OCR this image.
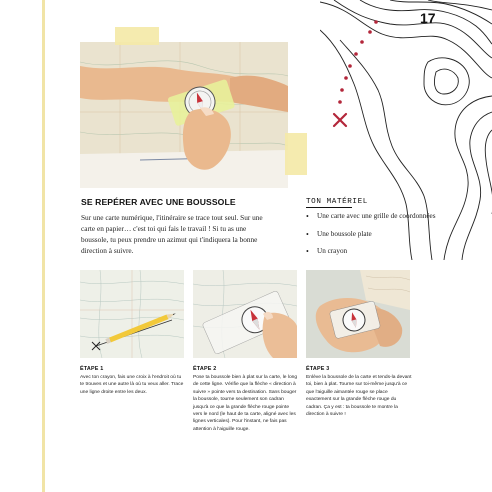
17
SE REPÉRER AVEC UNE BOUSSOLE

Sur une carte numérique, l'itinéraire se trace tout seul. Sur une carte en papier… c'est toi qui fais le travail ! Si tu as une boussole, tu peux prendre un azimut qui t'indiquera la bonne direction à suivre.

TON MATÉRIEL
• Une carte avec une grille de coordonnées
• Une boussole plate
• Un crayon
ÉTAPE 1

Avec ton crayon, fais une croix à l'endroit où tu te trouves et une autre là où tu veux aller. Trace une ligne droite entre les deux.

ÉTAPE 2

Pose ta boussole bien à plat sur la carte, le long de cette ligne. Vérifie que la flèche « direction à suivre » pointe vers ta destination. Sans bouger la boussole, tourne seulement son cadran jusqu'à ce que la grande flèche rouge pointe vers le nord (le haut de ta carte, aligné avec les lignes verticales). Pour l'instant, ne fais pas attention à l'aiguille rouge.

ÉTAPE 3

Enlève la boussole de la carte et tends-la devant toi, bien à plat. Tourne sur toi-même jusqu'à ce que l'aiguille aimantée rouge se place exactement sur la grande flèche rouge du cadran. Ça y est : ta boussole te montre la direction à suivre !
